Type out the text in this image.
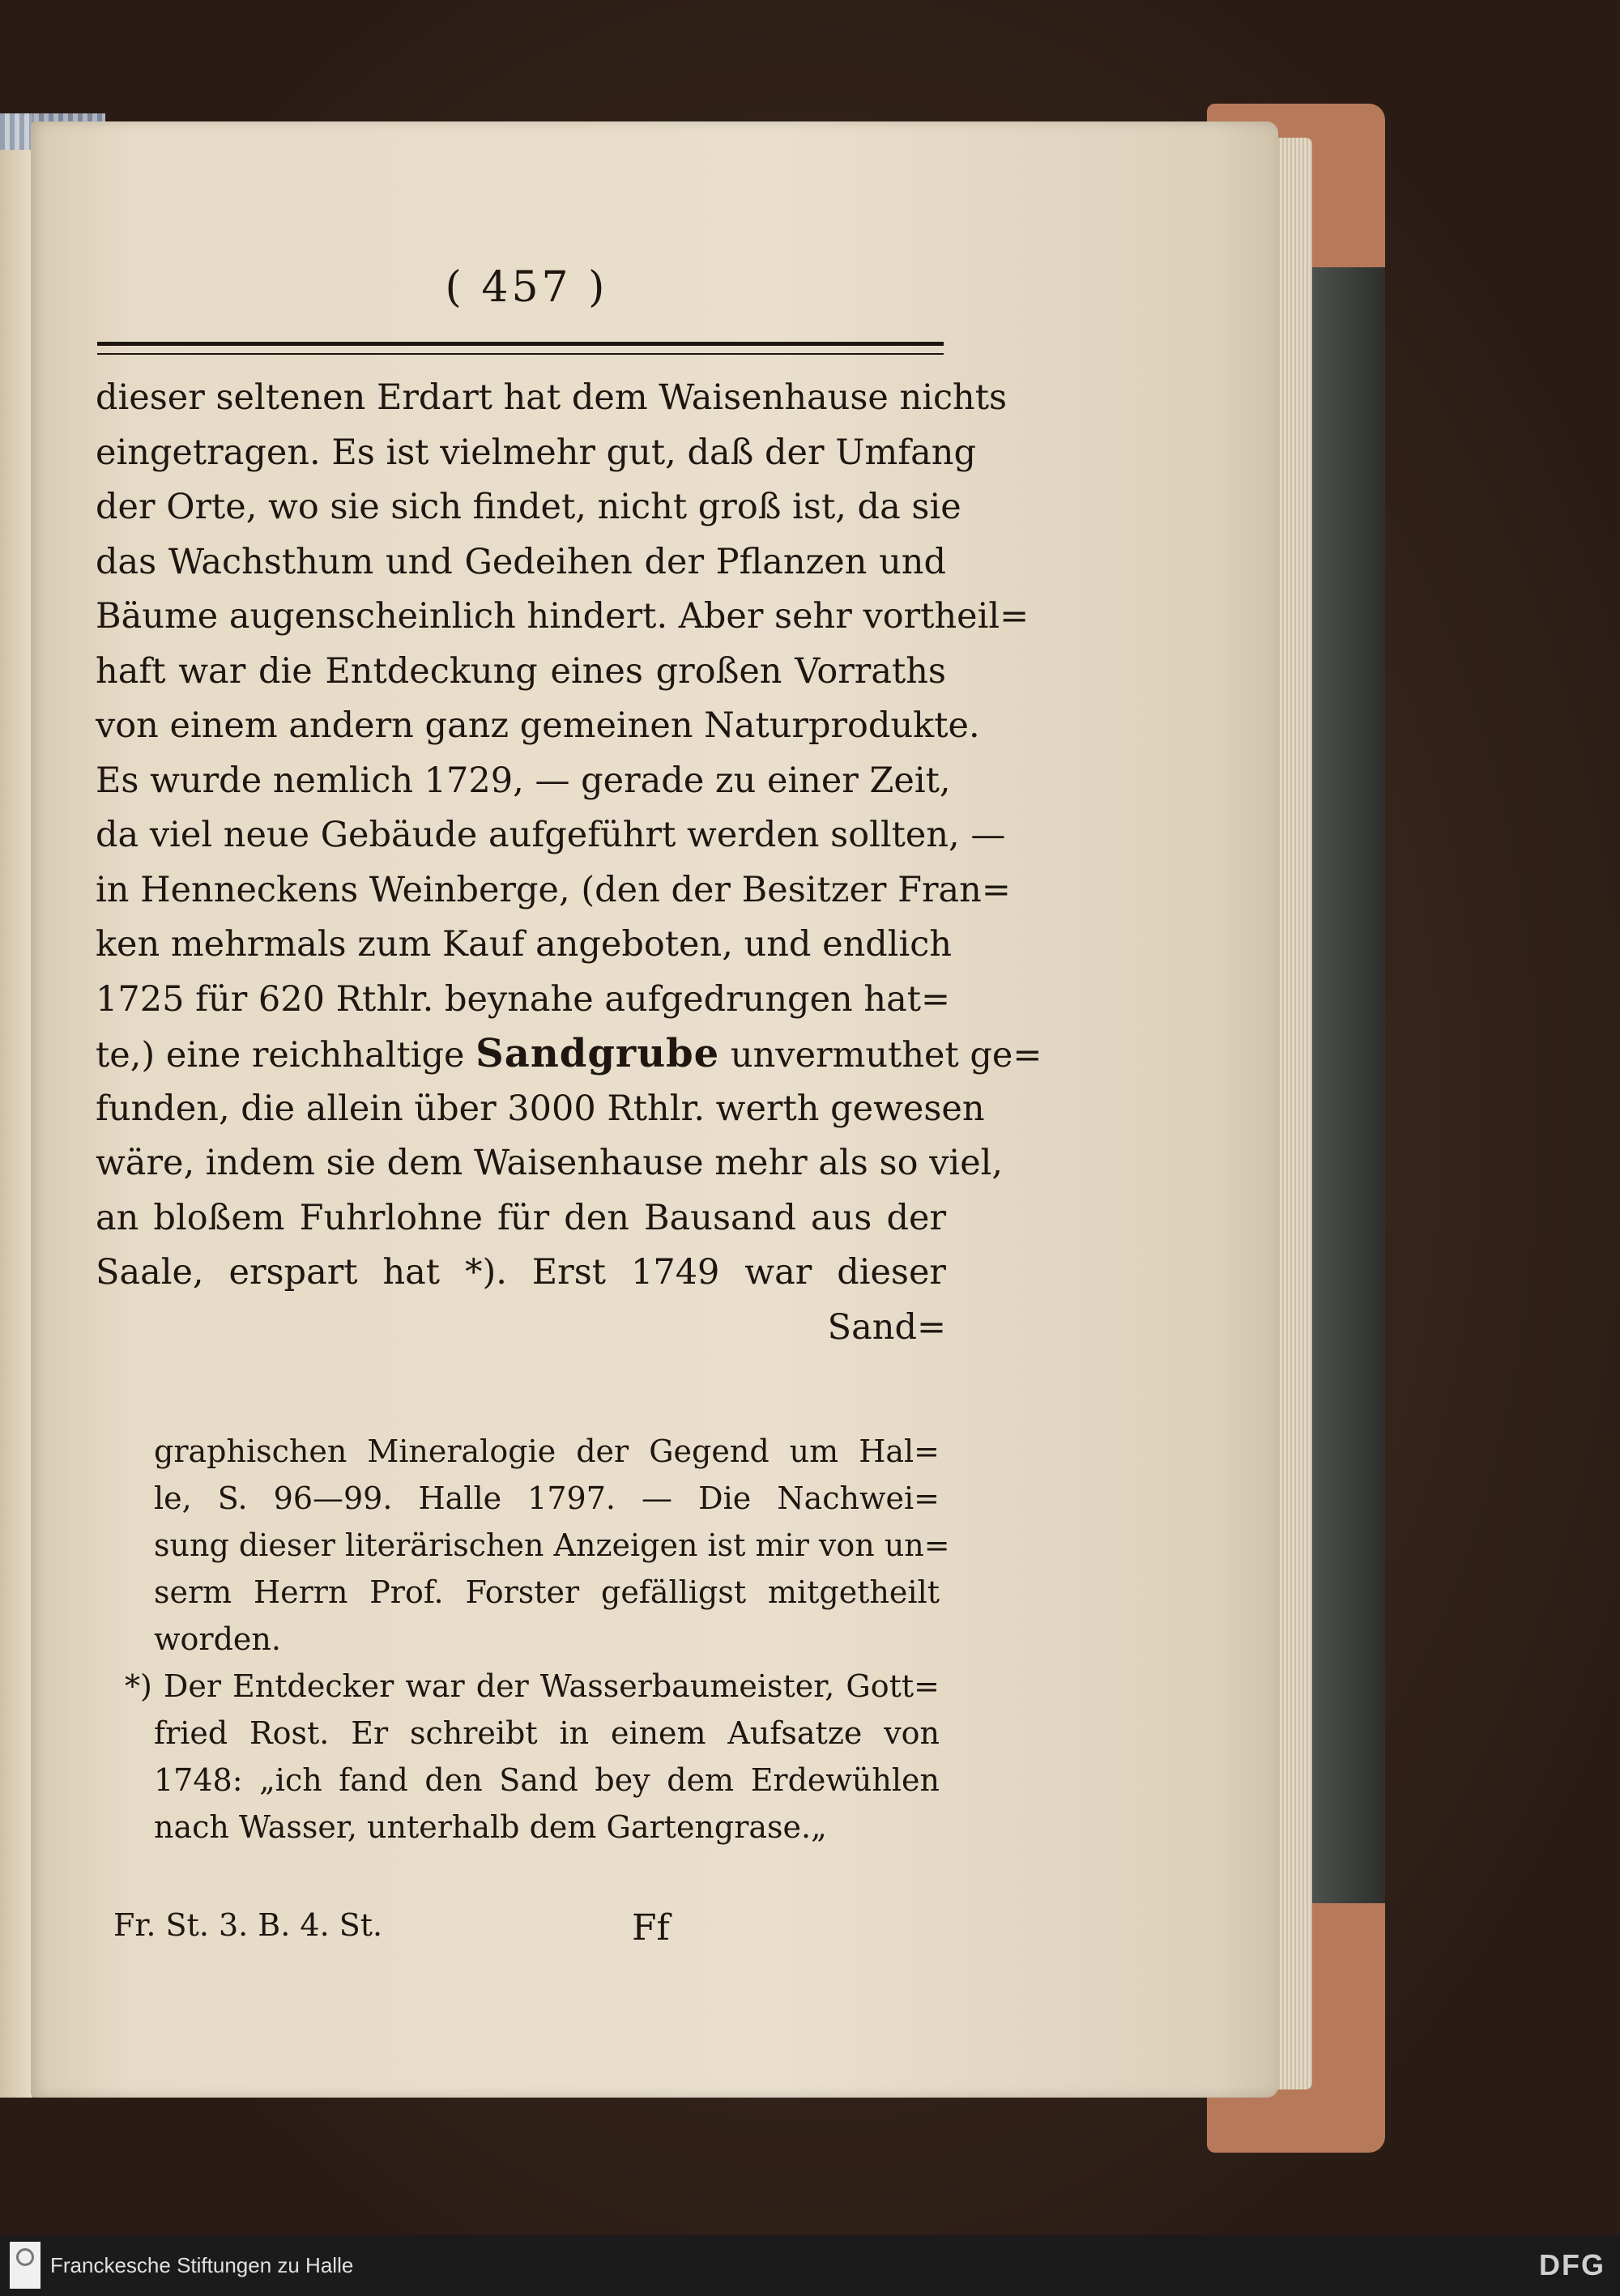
( 457 )
dieser seltenen Erdart hat dem Waisenhause nichts
eingetragen. Es ist vielmehr gut, daß der Umfang
der Orte, wo sie sich findet, nicht groß ist, da sie
das Wachsthum und Gedeihen der Pflanzen und
Bäume augenscheinlich hindert. Aber sehr vortheil=
haft war die Entdeckung eines großen Vorraths
von einem andern ganz gemeinen Naturprodukte.
Es wurde nemlich 1729, — gerade zu einer Zeit,
da viel neue Gebäude aufgeführt werden sollten, —
in Henneckens Weinberge, (den der Besitzer Fran=
ken mehrmals zum Kauf angeboten, und endlich
1725 für 620 Rthlr. beynahe aufgedrungen hat=
te,) eine reichhaltige Sandgrube unvermuthet ge=
funden, die allein über 3000 Rthlr. werth gewesen
wäre, indem sie dem Waisenhause mehr als so viel,
an bloßem Fuhrlohne für den Bausand aus der
Saale, erspart hat *). Erst 1749 war dieser
Sand=
graphischen Mineralogie der Gegend um Hal=
le, S. 96—99. Halle 1797. — Die Nachwei=
sung dieser literärischen Anzeigen ist mir von un=
serm Herrn Prof. Forster gefälligst mitgetheilt
worden.
*) Der Entdecker war der Wasserbaumeister, Gott=
fried Rost. Er schreibt in einem Aufsatze von
1748: „ich fand den Sand bey dem Erdewühlen
nach Wasser, unterhalb dem Gartengrase.„
Fr. St. 3. B. 4. St.	Ff
Franckesche Stiftungen zu Halle	DFG
